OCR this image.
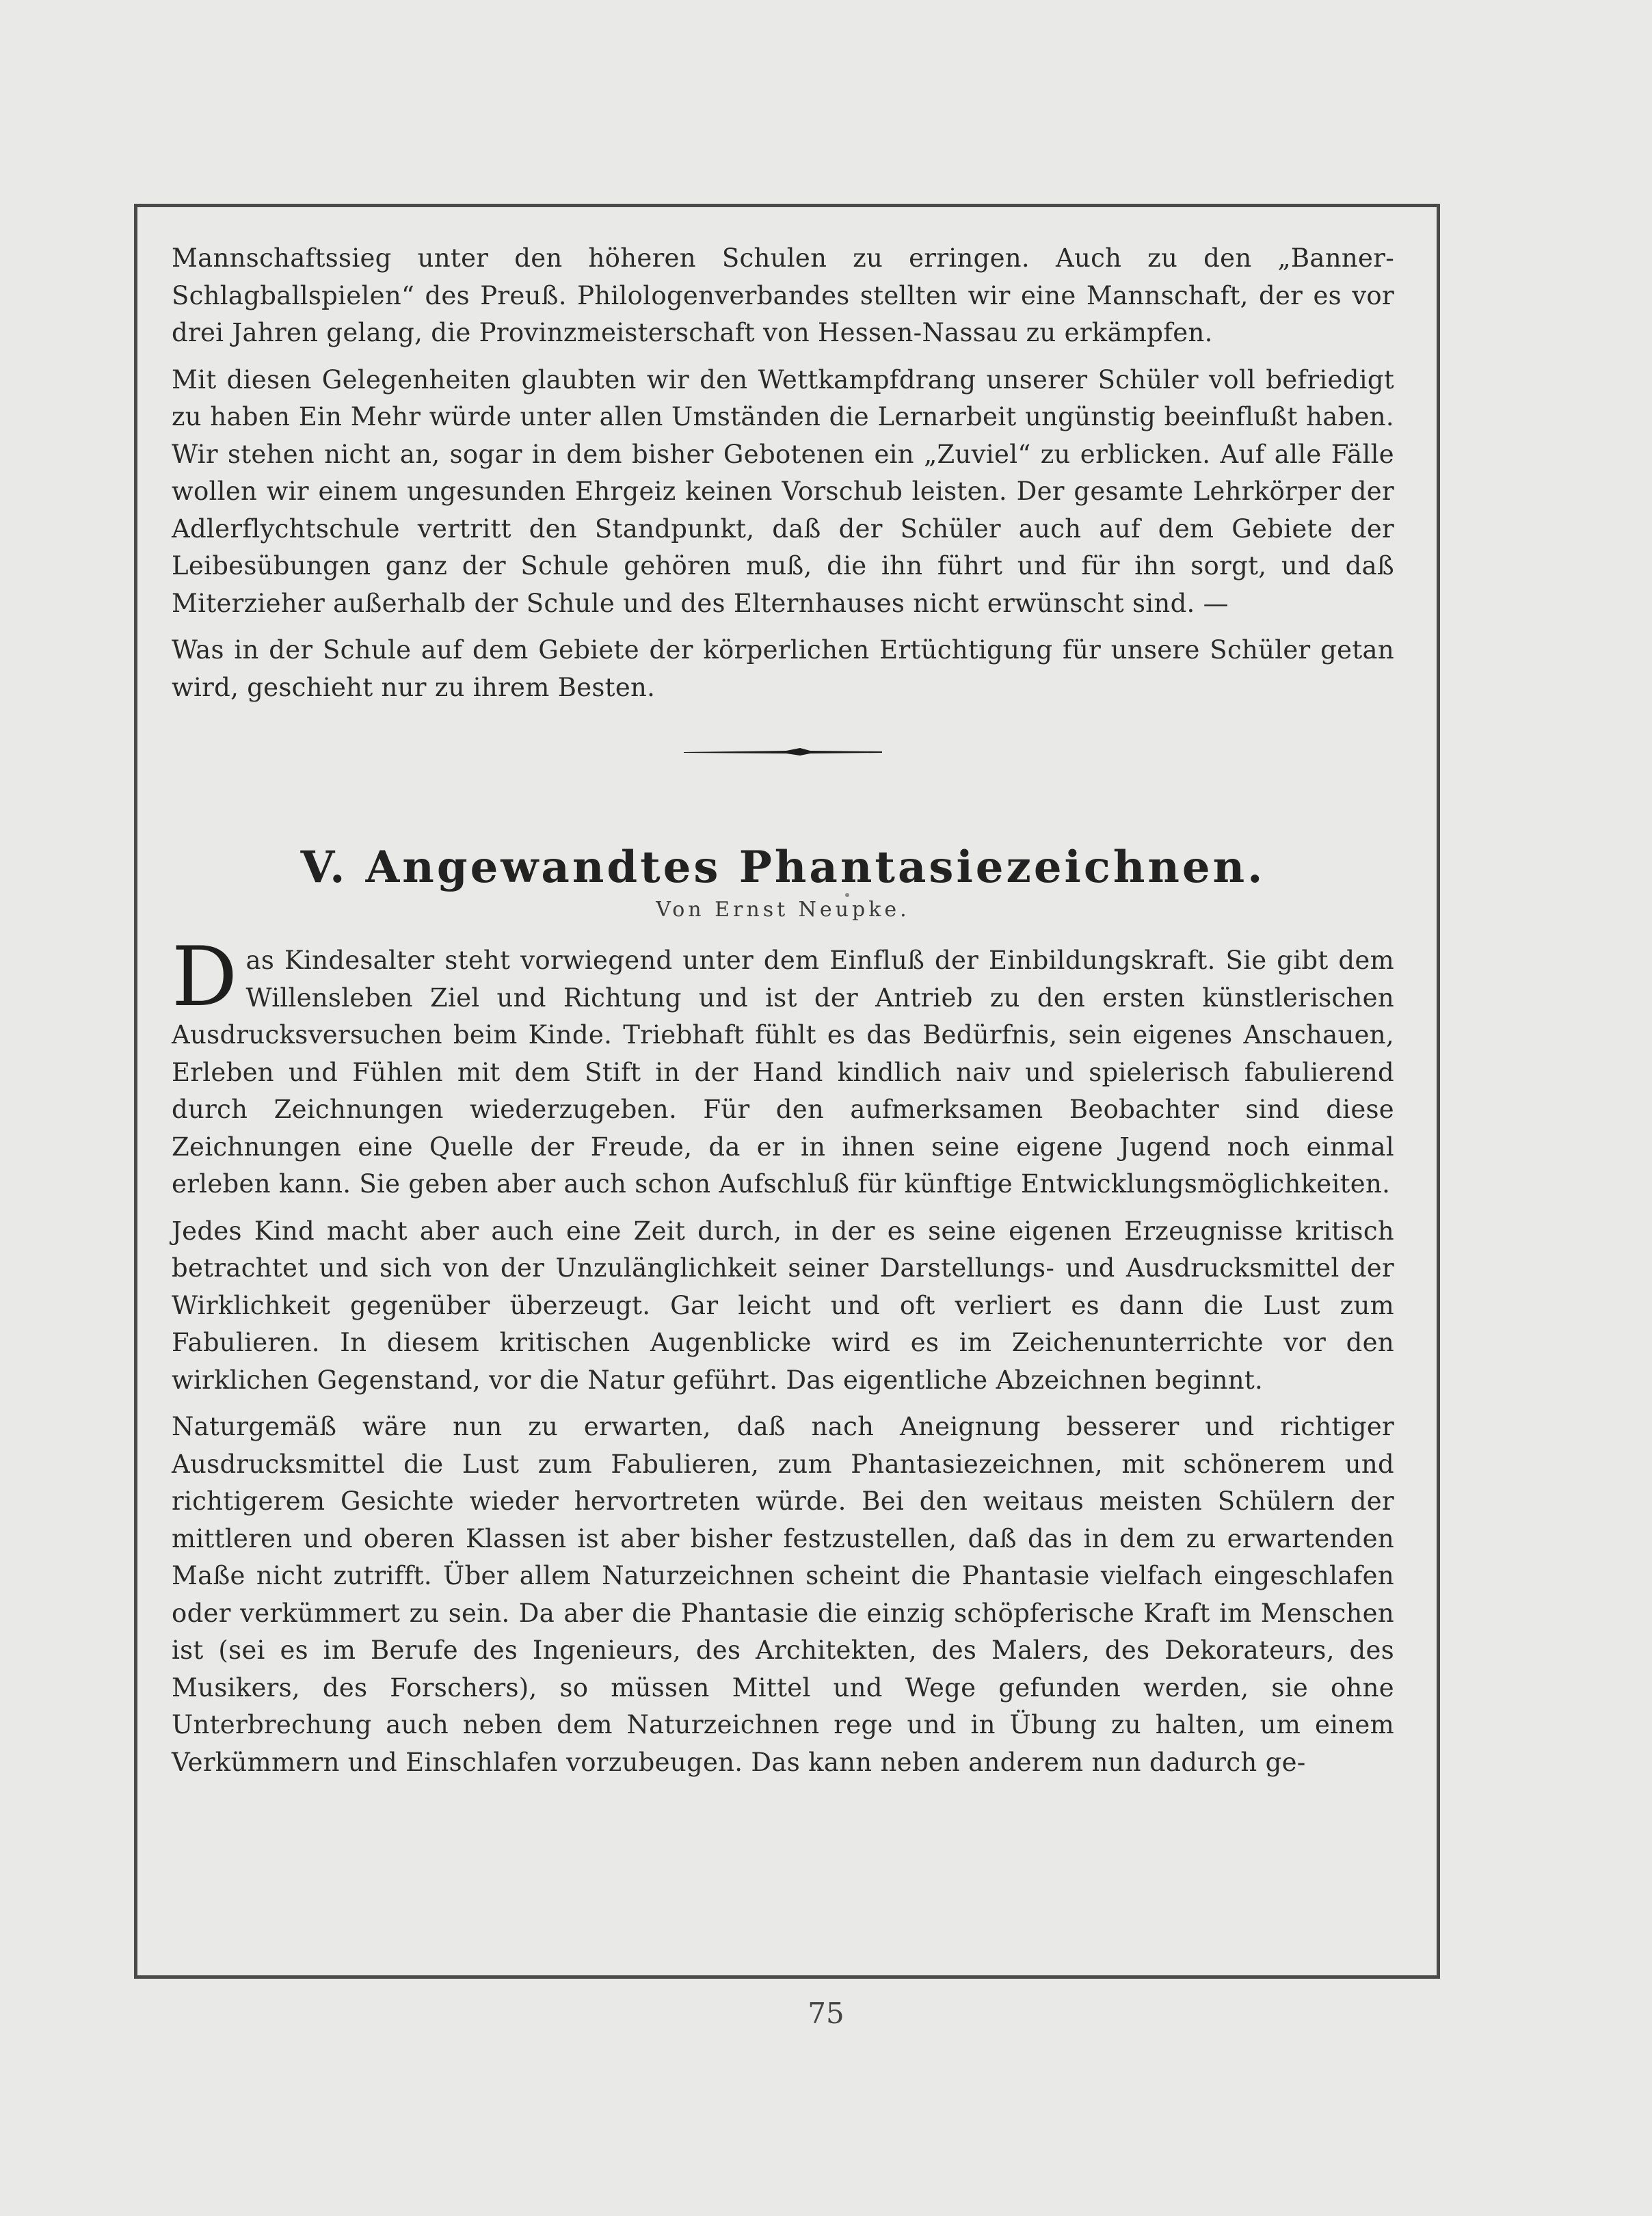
Mannschaftssieg unter den höheren Schulen zu erringen. Auch zu den „Banner-Schlagballspielen“ des Preuß. Philologenverbandes stellten wir eine Mannschaft, der es vor drei Jahren gelang, die Provinzmeisterschaft von Hessen-Nassau zu erkämpfen.

Mit diesen Gelegenheiten glaubten wir den Wettkampfdrang unserer Schüler voll befriedigt zu haben Ein Mehr würde unter allen Umständen die Lernarbeit ungünstig beeinflußt haben. Wir stehen nicht an, sogar in dem bisher Gebotenen ein „Zuviel“ zu erblicken. Auf alle Fälle wollen wir einem ungesunden Ehrgeiz keinen Vorschub leisten. Der gesamte Lehrkörper der Adlerflychtschule vertritt den Standpunkt, daß der Schüler auch auf dem Gebiete der Leibesübungen ganz der Schule gehören muß, die ihn führt und für ihn sorgt, und daß Miterzieher außerhalb der Schule und des Elternhauses nicht erwünscht sind. —

Was in der Schule auf dem Gebiete der körperlichen Ertüchtigung für unsere Schüler getan wird, geschieht nur zu ihrem Besten.

V. Angewandtes Phantasiezeichnen.
Von Ernst Neupke.

Das Kindesalter steht vorwiegend unter dem Einfluß der Einbildungskraft. Sie gibt dem Willensleben Ziel und Richtung und ist der Antrieb zu den ersten künstlerischen Ausdrucksversuchen beim Kinde. Triebhaft fühlt es das Bedürfnis, sein eigenes Anschauen, Erleben und Fühlen mit dem Stift in der Hand kindlich naiv und spielerisch fabulierend durch Zeichnungen wiederzugeben. Für den aufmerksamen Beobachter sind diese Zeichnungen eine Quelle der Freude, da er in ihnen seine eigene Jugend noch einmal erleben kann. Sie geben aber auch schon Aufschluß für künftige Entwicklungsmöglichkeiten.

Jedes Kind macht aber auch eine Zeit durch, in der es seine eigenen Erzeugnisse kritisch betrachtet und sich von der Unzulänglichkeit seiner Darstellungs- und Ausdrucksmittel der Wirklichkeit gegenüber überzeugt. Gar leicht und oft verliert es dann die Lust zum Fabulieren. In diesem kritischen Augenblicke wird es im Zeichenunterrichte vor den wirklichen Gegenstand, vor die Natur geführt. Das eigentliche Abzeichnen beginnt.

Naturgemäß wäre nun zu erwarten, daß nach Aneignung besserer und richtiger Ausdrucksmittel die Lust zum Fabulieren, zum Phantasiezeichnen, mit schönerem und richtigerem Gesichte wieder hervortreten würde. Bei den weitaus meisten Schülern der mittleren und oberen Klassen ist aber bisher festzustellen, daß das in dem zu erwartenden Maße nicht zutrifft. Über allem Naturzeichnen scheint die Phantasie vielfach eingeschlafen oder verkümmert zu sein. Da aber die Phantasie die einzig schöpferische Kraft im Menschen ist (sei es im Berufe des Ingenieurs, des Architekten, des Malers, des Dekorateurs, des Musikers, des Forschers), so müssen Mittel und Wege gefunden werden, sie ohne Unterbrechung auch neben dem Naturzeichnen rege und in Übung zu halten, um einem Verkümmern und Einschlafen vorzubeugen. Das kann neben anderem nun dadurch ge-

75
